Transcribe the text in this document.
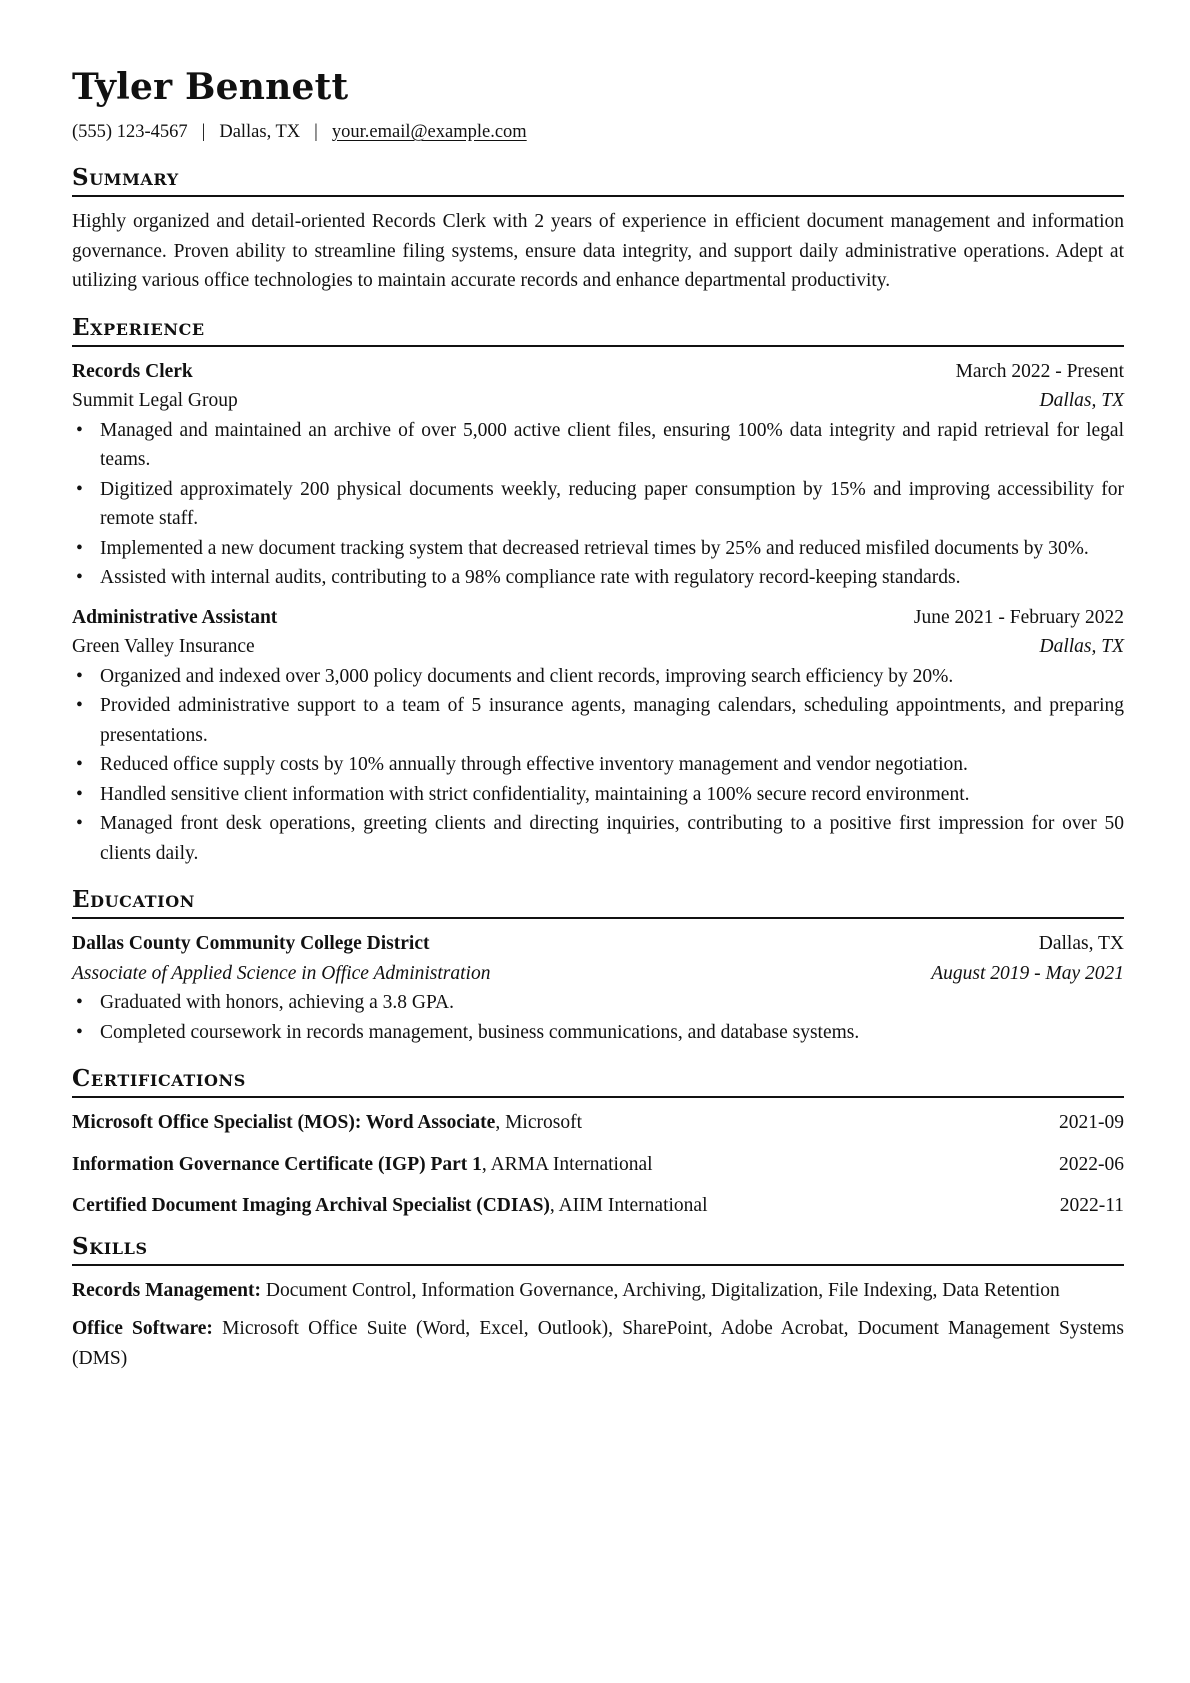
Tyler Bennett
(555) 123-4567 | Dallas, TX | your.email@example.com
Summary
Highly organized and detail-oriented Records Clerk with 2 years of experience in efficient document management and information governance. Proven ability to streamline filing systems, ensure data integrity, and support daily administrative operations. Adept at utilizing various office technologies to maintain accurate records and enhance departmental productivity.
Experience
Records Clerk	March 2022 - Present
Summit Legal Group	Dallas, TX
• Managed and maintained an archive of over 5,000 active client files, ensuring 100% data integrity and rapid retrieval for legal teams.
• Digitized approximately 200 physical documents weekly, reducing paper consumption by 15% and improving accessibility for remote staff.
• Implemented a new document tracking system that decreased retrieval times by 25% and reduced misfiled documents by 30%.
• Assisted with internal audits, contributing to a 98% compliance rate with regulatory record-keeping standards.
Administrative Assistant	June 2021 - February 2022
Green Valley Insurance	Dallas, TX
• Organized and indexed over 3,000 policy documents and client records, improving search efficiency by 20%.
• Provided administrative support to a team of 5 insurance agents, managing calendars, scheduling appointments, and preparing presentations.
• Reduced office supply costs by 10% annually through effective inventory management and vendor negotiation.
• Handled sensitive client information with strict confidentiality, maintaining a 100% secure record environment.
• Managed front desk operations, greeting clients and directing inquiries, contributing to a positive first impression for over 50 clients daily.
Education
Dallas County Community College District	Dallas, TX
Associate of Applied Science in Office Administration	August 2019 - May 2021
• Graduated with honors, achieving a 3.8 GPA.
• Completed coursework in records management, business communications, and database systems.
Certifications
Microsoft Office Specialist (MOS): Word Associate, Microsoft	2021-09
Information Governance Certificate (IGP) Part 1, ARMA International	2022-06
Certified Document Imaging Archival Specialist (CDIAS), AIIM International	2022-11
Skills
Records Management: Document Control, Information Governance, Archiving, Digitalization, File Indexing, Data Retention
Office Software: Microsoft Office Suite (Word, Excel, Outlook), SharePoint, Adobe Acrobat, Document Management Systems (DMS)
